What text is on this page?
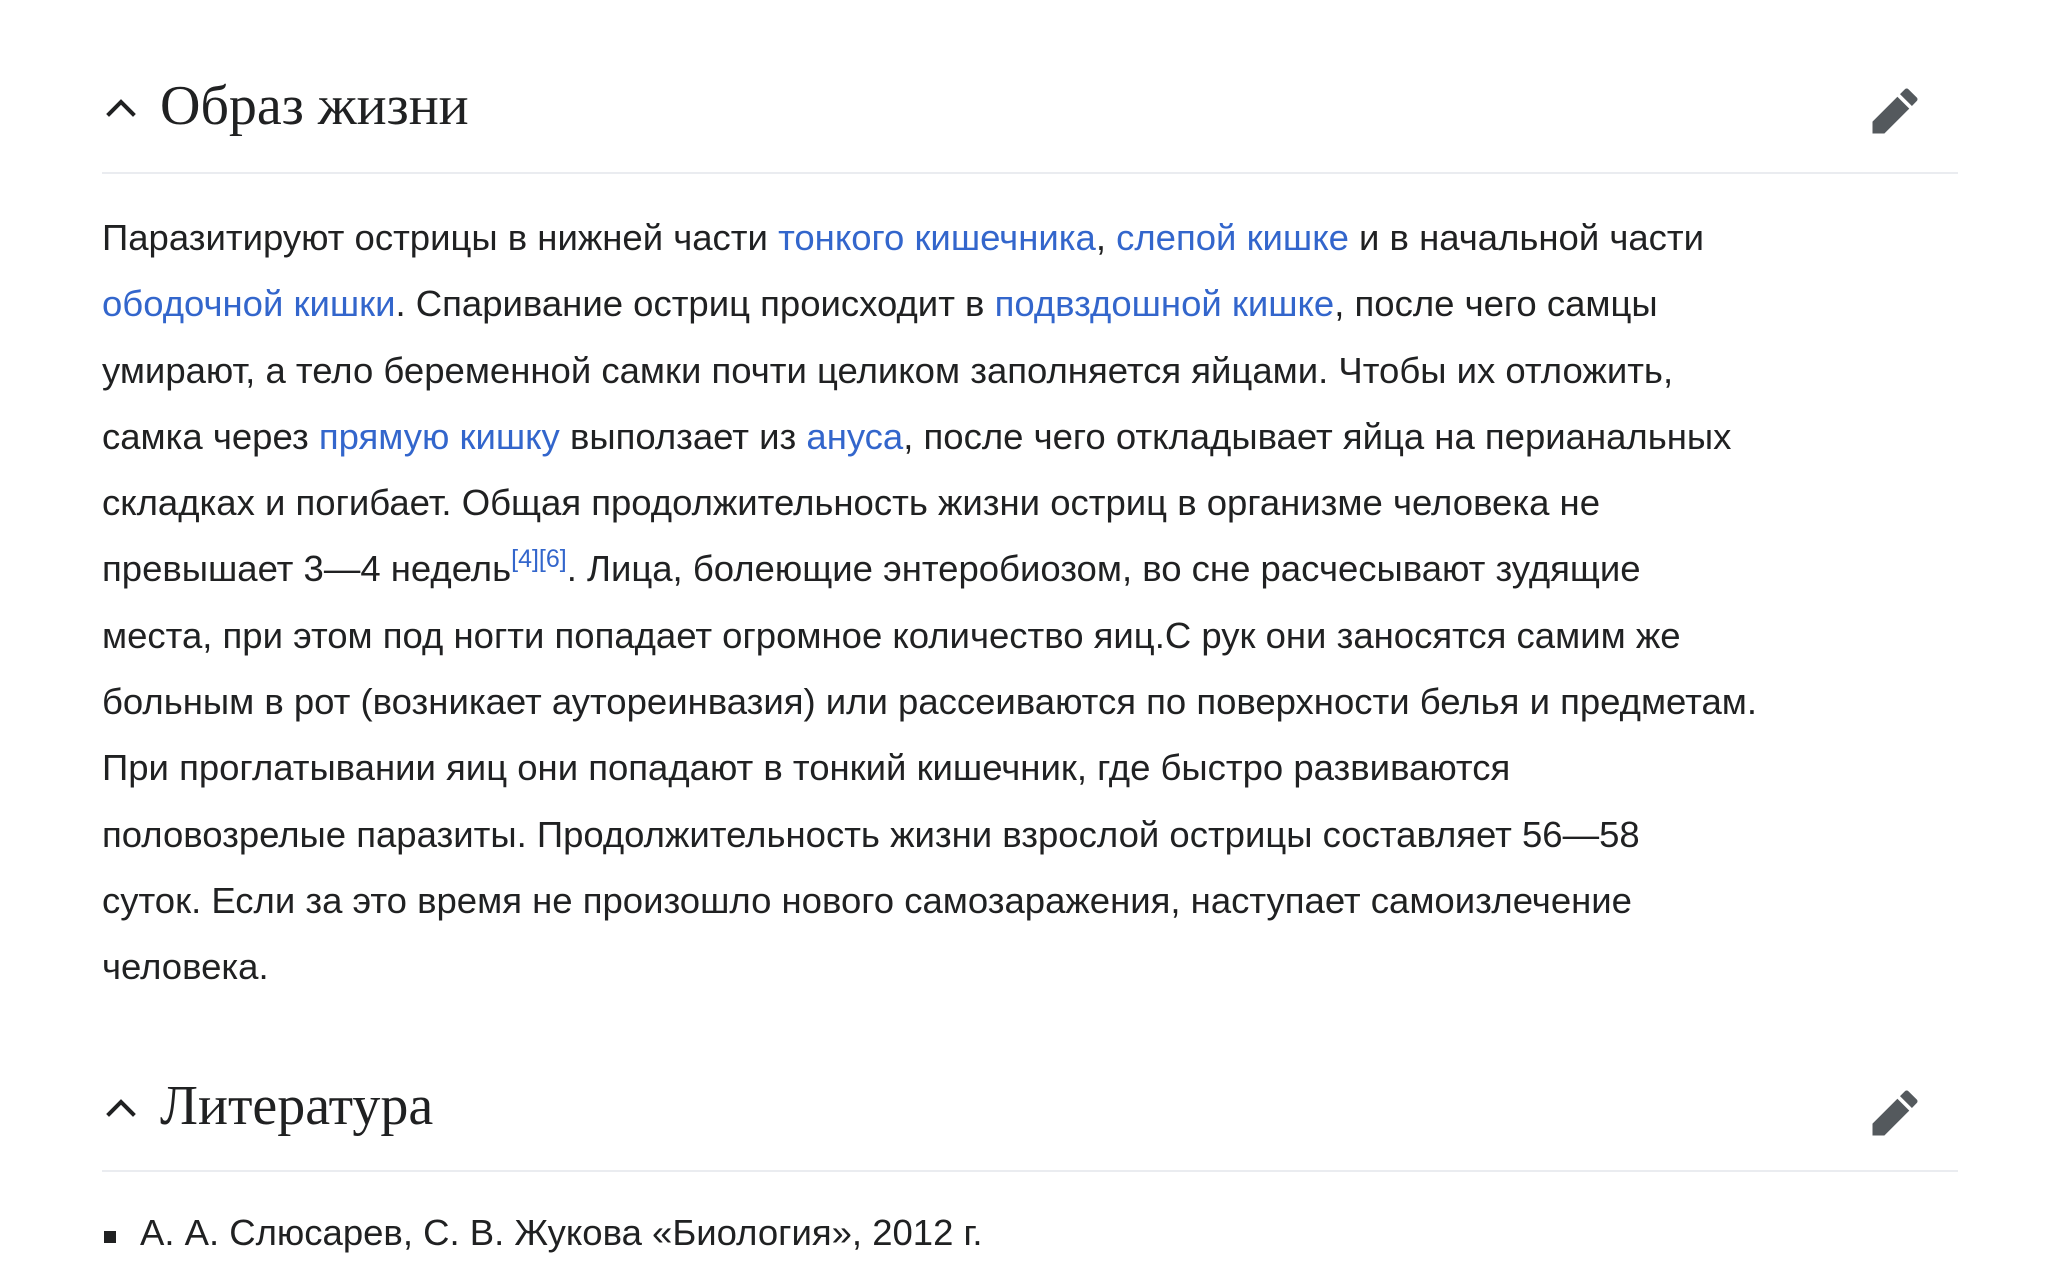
Образ жизни

Паразитируют острицы в нижней части тонкого кишечника, слепой кишке и в начальной части
ободочной кишки. Спаривание остриц происходит в подвздошной кишке, после чего самцы
умирают, а тело беременной самки почти целиком заполняется яйцами. Чтобы их отложить,
самка через прямую кишку выползает из ануса, после чего откладывает яйца на перианальных
складках и погибает. Общая продолжительность жизни остриц в организме человека не
превышает 3—4 недель[4][6]. Лица, болеющие энтеробиозом, во сне расчесывают зудящие
места, при этом под ногти попадает огромное количество яиц.С рук они заносятся самим же
больным в рот (возникает аутореинвазия) или рассеиваются по поверхности белья и предметам.
При проглатывании яиц они попадают в тонкий кишечник, где быстро развиваются
половозрелые паразиты. Продолжительность жизни взрослой острицы составляет 56—58
суток. Если за это время не произошло нового самозаражения, наступает самоизлечение
человека.

Литература
А. А. Слюсарев, С. В. Жукова «Биология», 2012 г.
